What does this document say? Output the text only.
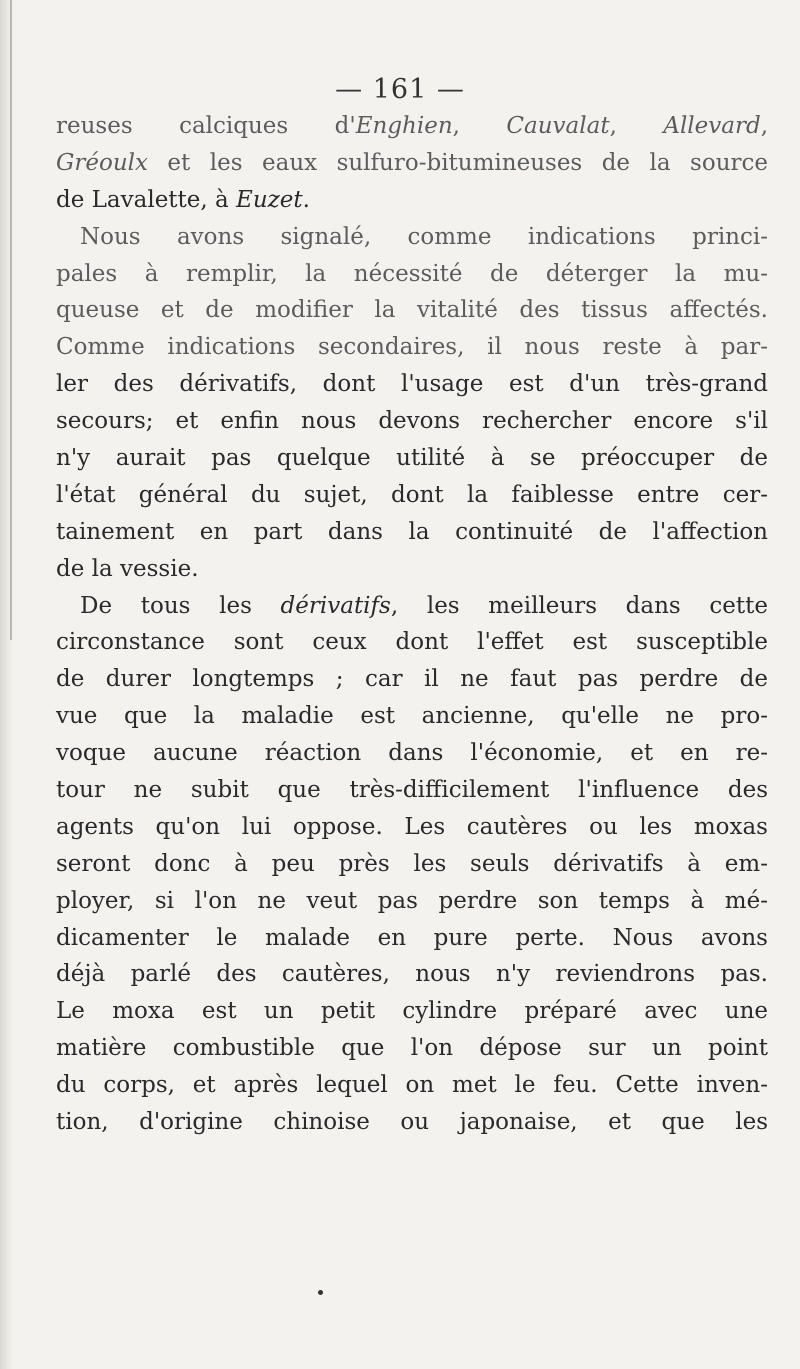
— 161 —
reuses calciques d'Enghien, Cauvalat, Allevard,
Gréoulx et les eaux sulfuro-bitumineuses de la source
de Lavalette, à Euzet.
Nous avons signalé, comme indications princi-
pales à remplir, la nécessité de déterger la mu-
queuse et de modifier la vitalité des tissus affectés.
Comme indications secondaires, il nous reste à par-
ler des dérivatifs, dont l'usage est d'un très-grand
secours; et enfin nous devons rechercher encore s'il
n'y aurait pas quelque utilité à se préoccuper de
l'état général du sujet, dont la faiblesse entre cer-
tainement en part dans la continuité de l'affection
de la vessie.
De tous les dérivatifs, les meilleurs dans cette
circonstance sont ceux dont l'effet est susceptible
de durer longtemps ; car il ne faut pas perdre de
vue que la maladie est ancienne, qu'elle ne pro-
voque aucune réaction dans l'économie, et en re-
tour ne subit que très-difficilement l'influence des
agents qu'on lui oppose. Les cautères ou les moxas
seront donc à peu près les seuls dérivatifs à em-
ployer, si l'on ne veut pas perdre son temps à mé-
dicamenter le malade en pure perte. Nous avons
déjà parlé des cautères, nous n'y reviendrons pas.
Le moxa est un petit cylindre préparé avec une
matière combustible que l'on dépose sur un point
du corps, et après lequel on met le feu. Cette inven-
tion, d'origine chinoise ou japonaise, et que les
